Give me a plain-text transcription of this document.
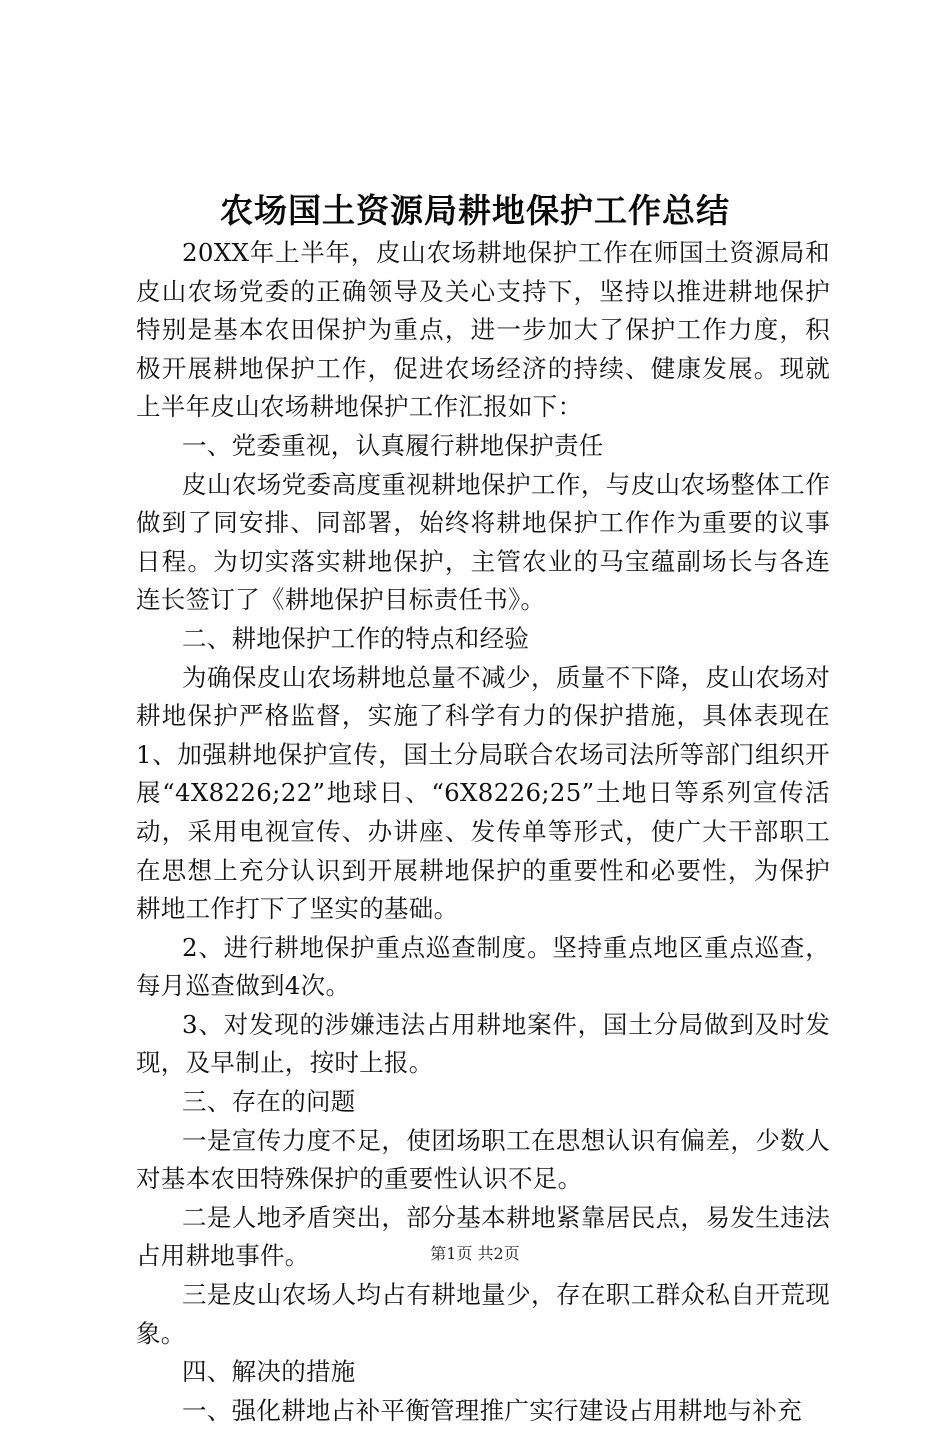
农场国土资源局耕地保护工作总结

20XX年上半年，皮山农场耕地保护工作在师国土资源局和皮山农场党委的正确领导及关心支持下，坚持以推进耕地保护特别是基本农田保护为重点，进一步加大了保护工作力度，积极开展耕地保护工作，促进农场经济的持续、健康发展。现就上半年皮山农场耕地保护工作汇报如下：

一、党委重视，认真履行耕地保护责任

皮山农场党委高度重视耕地保护工作，与皮山农场整体工作做到了同安排、同部署，始终将耕地保护工作作为重要的议事日程。为切实落实耕地保护，主管农业的马宝蕴副场长与各连连长签订了《耕地保护目标责任书》。

二、耕地保护工作的特点和经验

为确保皮山农场耕地总量不减少，质量不下降，皮山农场对耕地保护严格监督，实施了科学有力的保护措施，具体表现在1、加强耕地保护宣传，国土分局联合农场司法所等部门组织开展“4X8226;22”地球日、“6X8226;25”土地日等系列宣传活动，采用电视宣传、办讲座、发传单等形式，使广大干部职工在思想上充分认识到开展耕地保护的重要性和必要性，为保护耕地工作打下了坚实的基础。

2、进行耕地保护重点巡查制度。坚持重点地区重点巡查，每月巡查做到4次。

3、对发现的涉嫌违法占用耕地案件，国土分局做到及时发现，及早制止，按时上报。

三、存在的问题

一是宣传力度不足，使团场职工在思想认识有偏差，少数人对基本农田特殊保护的重要性认识不足。

二是人地矛盾突出，部分基本耕地紧靠居民点，易发生违法占用耕地事件。

三是皮山农场人均占有耕地量少，存在职工群众私自开荒现象。

四、解决的措施

一、强化耕地占补平衡管理推广实行建设占用耕地与补充

第1页 共2页
